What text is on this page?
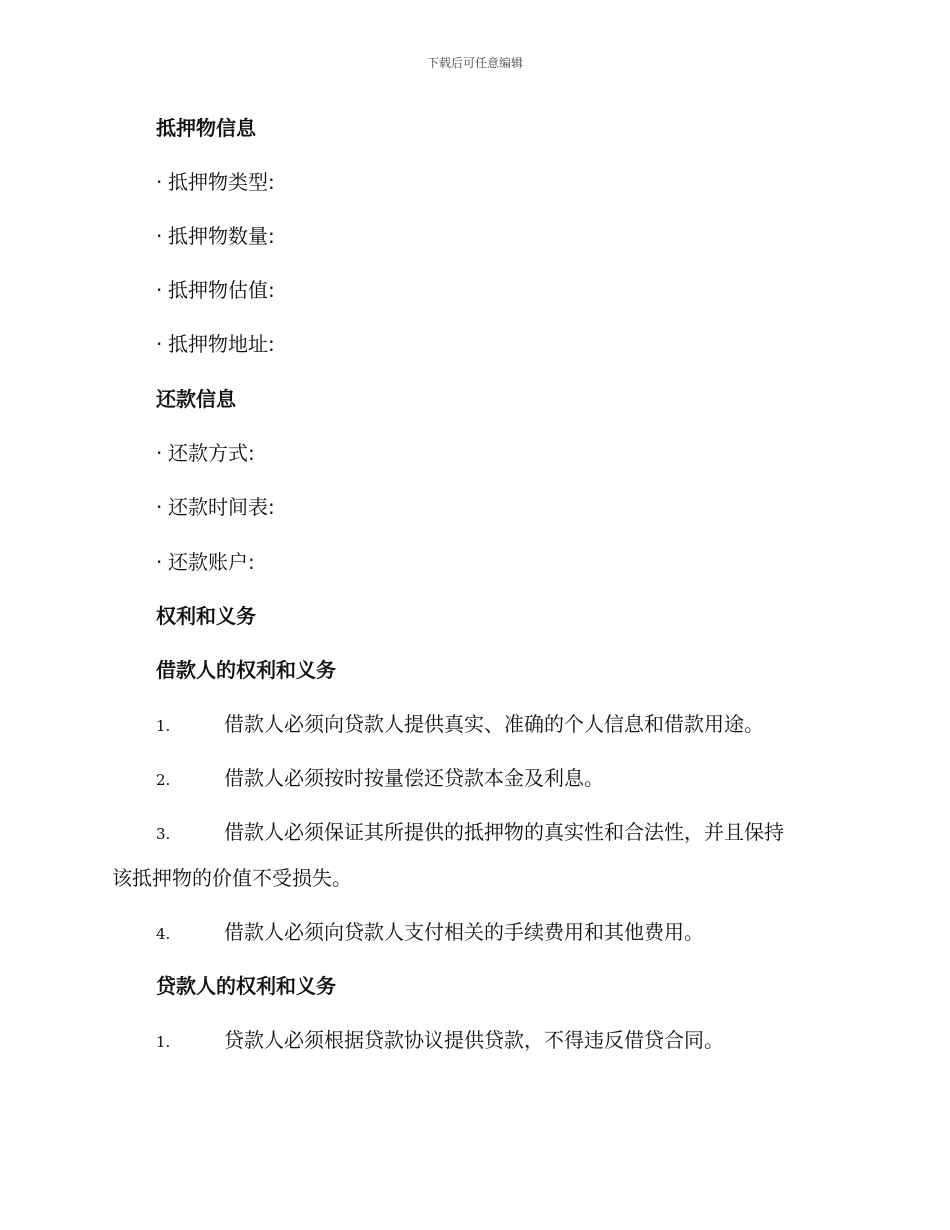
下载后可任意编辑
抵押物信息
· 抵押物类型:
· 抵押物数量:
· 抵押物估值:
· 抵押物地址:
还款信息
· 还款方式:
· 还款时间表:
· 还款账户:
权利和义务
借款人的权利和义务
1.	借款人必须向贷款人提供真实、准确的个人信息和借款用途。
2.	借款人必须按时按量偿还贷款本金及利息。
3.	借款人必须保证其所提供的抵押物的真实性和合法性，并且保持
该抵押物的价值不受损失。
4.	借款人必须向贷款人支付相关的手续费用和其他费用。
贷款人的权利和义务
1.	贷款人必须根据贷款协议提供贷款，不得违反借贷合同。
